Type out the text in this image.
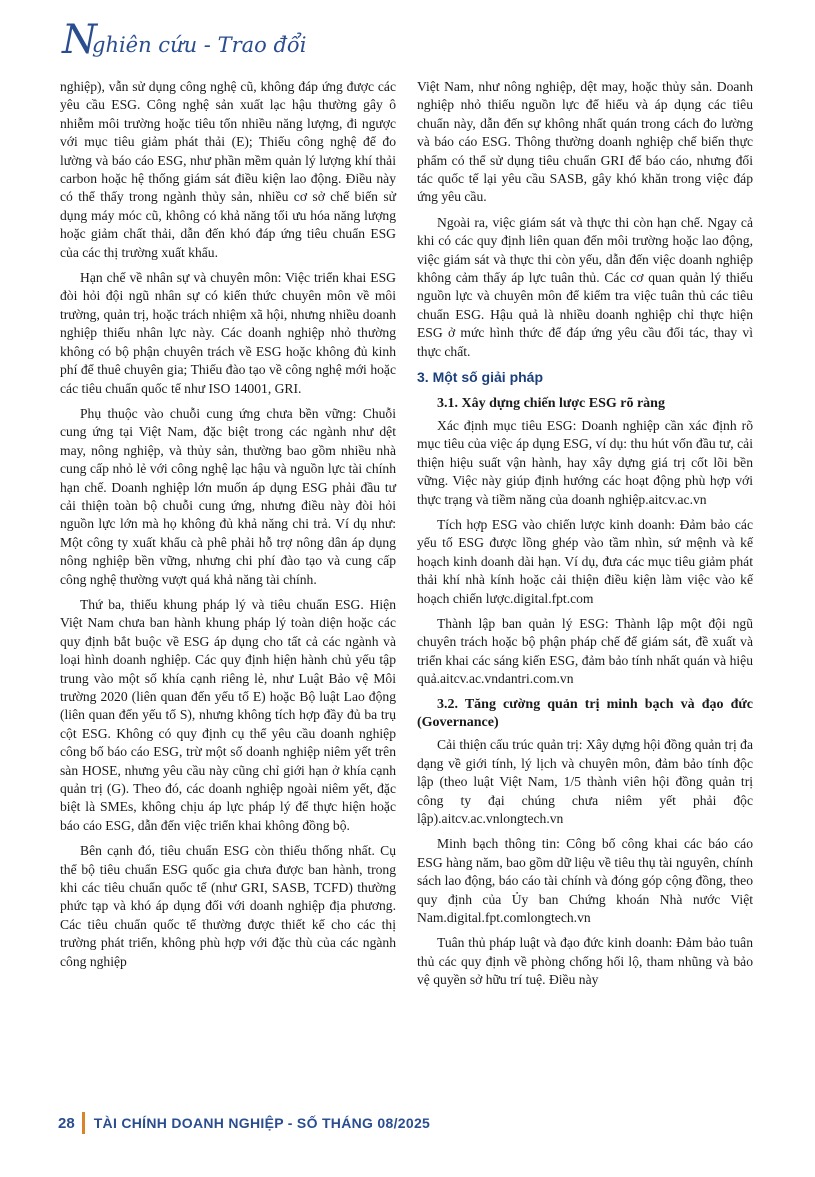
N
ghiên cứu - Trao đổi

nghiệp), vẫn sử dụng công nghệ cũ, không đáp ứng được các yêu cầu ESG. Công nghệ sản xuất lạc hậu thường gây ô nhiễm môi trường hoặc tiêu tốn nhiều năng lượng, đi ngược với mục tiêu giảm phát thải (E); Thiếu công nghệ để đo lường và báo cáo ESG, như phần mềm quản lý lượng khí thải carbon hoặc hệ thống giám sát điều kiện lao động. Điều này có thể thấy trong ngành thủy sản, nhiều cơ sở chế biến sử dụng máy móc cũ, không có khả năng tối ưu hóa năng lượng hoặc giảm chất thải, dẫn đến khó đáp ứng tiêu chuẩn ESG của các thị trường xuất khẩu.

Hạn chế về nhân sự và chuyên môn: Việc triển khai ESG đòi hỏi đội ngũ nhân sự có kiến thức chuyên môn về môi trường, quản trị, hoặc trách nhiệm xã hội, nhưng nhiều doanh nghiệp thiếu nhân lực này. Các doanh nghiệp nhỏ thường không có bộ phận chuyên trách về ESG hoặc không đủ kinh phí để thuê chuyên gia; Thiếu đào tạo về công nghệ mới hoặc các tiêu chuẩn quốc tế như ISO 14001, GRI.

Phụ thuộc vào chuỗi cung ứng chưa bền vững: Chuỗi cung ứng tại Việt Nam, đặc biệt trong các ngành như dệt may, nông nghiệp, và thủy sản, thường bao gồm nhiều nhà cung cấp nhỏ lẻ với công nghệ lạc hậu và nguồn lực tài chính hạn chế. Doanh nghiệp lớn muốn áp dụng ESG phải đầu tư cải thiện toàn bộ chuỗi cung ứng, nhưng điều này đòi hỏi nguồn lực lớn mà họ không đủ khả năng chi trả. Ví dụ như: Một công ty xuất khẩu cà phê phải hỗ trợ nông dân áp dụng nông nghiệp bền vững, nhưng chi phí đào tạo và cung cấp công nghệ thường vượt quá khả năng tài chính.

Thứ ba, thiếu khung pháp lý và tiêu chuẩn ESG. Hiện Việt Nam chưa ban hành khung pháp lý toàn diện hoặc các quy định bắt buộc về ESG áp dụng cho tất cả các ngành và loại hình doanh nghiệp. Các quy định hiện hành chủ yếu tập trung vào một số khía cạnh riêng lẻ, như Luật Bảo vệ Môi trường 2020 (liên quan đến yếu tố E) hoặc Bộ luật Lao động (liên quan đến yếu tố S), nhưng không tích hợp đầy đủ ba trụ cột ESG. Không có quy định cụ thể yêu cầu doanh nghiệp công bố báo cáo ESG, trừ một số doanh nghiệp niêm yết trên sàn HOSE, nhưng yêu cầu này cũng chỉ giới hạn ở khía cạnh quản trị (G). Theo đó, các doanh nghiệp ngoài niêm yết, đặc biệt là SMEs, không chịu áp lực pháp lý để thực hiện hoặc báo cáo ESG, dẫn đến việc triển khai không đồng bộ.

Bên cạnh đó, tiêu chuẩn ESG còn thiếu thống nhất. Cụ thể bộ tiêu chuẩn ESG quốc gia chưa được ban hành, trong khi các tiêu chuẩn quốc tế (như GRI, SASB, TCFD) thường phức tạp và khó áp dụng đối với doanh nghiệp địa phương. Các tiêu chuẩn quốc tế thường được thiết kế cho các thị trường phát triển, không phù hợp với đặc thù của các ngành công nghiệp

Việt Nam, như nông nghiệp, dệt may, hoặc thủy sản. Doanh nghiệp nhỏ thiếu nguồn lực để hiểu và áp dụng các tiêu chuẩn này, dẫn đến sự không nhất quán trong cách đo lường và báo cáo ESG. Thông thường doanh nghiệp chế biến thực phẩm có thể sử dụng tiêu chuẩn GRI để báo cáo, nhưng đối tác quốc tế lại yêu cầu SASB, gây khó khăn trong việc đáp ứng yêu cầu.

Ngoài ra, việc giám sát và thực thi còn hạn chế. Ngay cả khi có các quy định liên quan đến môi trường hoặc lao động, việc giám sát và thực thi còn yếu, dẫn đến việc doanh nghiệp không cảm thấy áp lực tuân thủ. Các cơ quan quản lý thiếu nguồn lực và chuyên môn để kiểm tra việc tuân thủ các tiêu chuẩn ESG. Hậu quả là nhiều doanh nghiệp chỉ thực hiện ESG ở mức hình thức để đáp ứng yêu cầu đối tác, thay vì thực chất.

3. Một số giải pháp
3.1. Xây dựng chiến lược ESG rõ ràng

Xác định mục tiêu ESG: Doanh nghiệp cần xác định rõ mục tiêu của việc áp dụng ESG, ví dụ: thu hút vốn đầu tư, cải thiện hiệu suất vận hành, hay xây dựng giá trị cốt lõi bền vững. Việc này giúp định hướng các hoạt động phù hợp với thực trạng và tiềm năng của doanh nghiệp.aitcv.ac.vn

Tích hợp ESG vào chiến lược kinh doanh: Đảm bảo các yếu tố ESG được lồng ghép vào tầm nhìn, sứ mệnh và kế hoạch kinh doanh dài hạn. Ví dụ, đưa các mục tiêu giảm phát thải khí nhà kính hoặc cải thiện điều kiện làm việc vào kế hoạch chiến lược.digital.fpt.com

Thành lập ban quản lý ESG: Thành lập một đội ngũ chuyên trách hoặc bộ phận pháp chế để giám sát, đề xuất và triển khai các sáng kiến ESG, đảm bảo tính nhất quán và hiệu quả.aitcv.ac.vndantri.com.vn

3.2. Tăng cường quản trị minh bạch và đạo đức (Governance)

Cải thiện cấu trúc quản trị: Xây dựng hội đồng quản trị đa dạng về giới tính, lý lịch và chuyên môn, đảm bảo tính độc lập (theo luật Việt Nam, 1/5 thành viên hội đồng quản trị công ty đại chúng chưa niêm yết phải độc lập).aitcv.ac.vnlongtech.vn

Minh bạch thông tin: Công bố công khai các báo cáo ESG hàng năm, bao gồm dữ liệu về tiêu thụ tài nguyên, chính sách lao động, báo cáo tài chính và đóng góp cộng đồng, theo quy định của Ủy ban Chứng khoán Nhà nước Việt Nam.digital.fpt.comlongtech.vn

Tuân thủ pháp luật và đạo đức kinh doanh: Đảm bảo tuân thủ các quy định về phòng chống hối lộ, tham nhũng và bảo vệ quyền sở hữu trí tuệ. Điều này

28 TÀI CHÍNH DOANH NGHIỆP - SỐ THÁNG 08/2025
